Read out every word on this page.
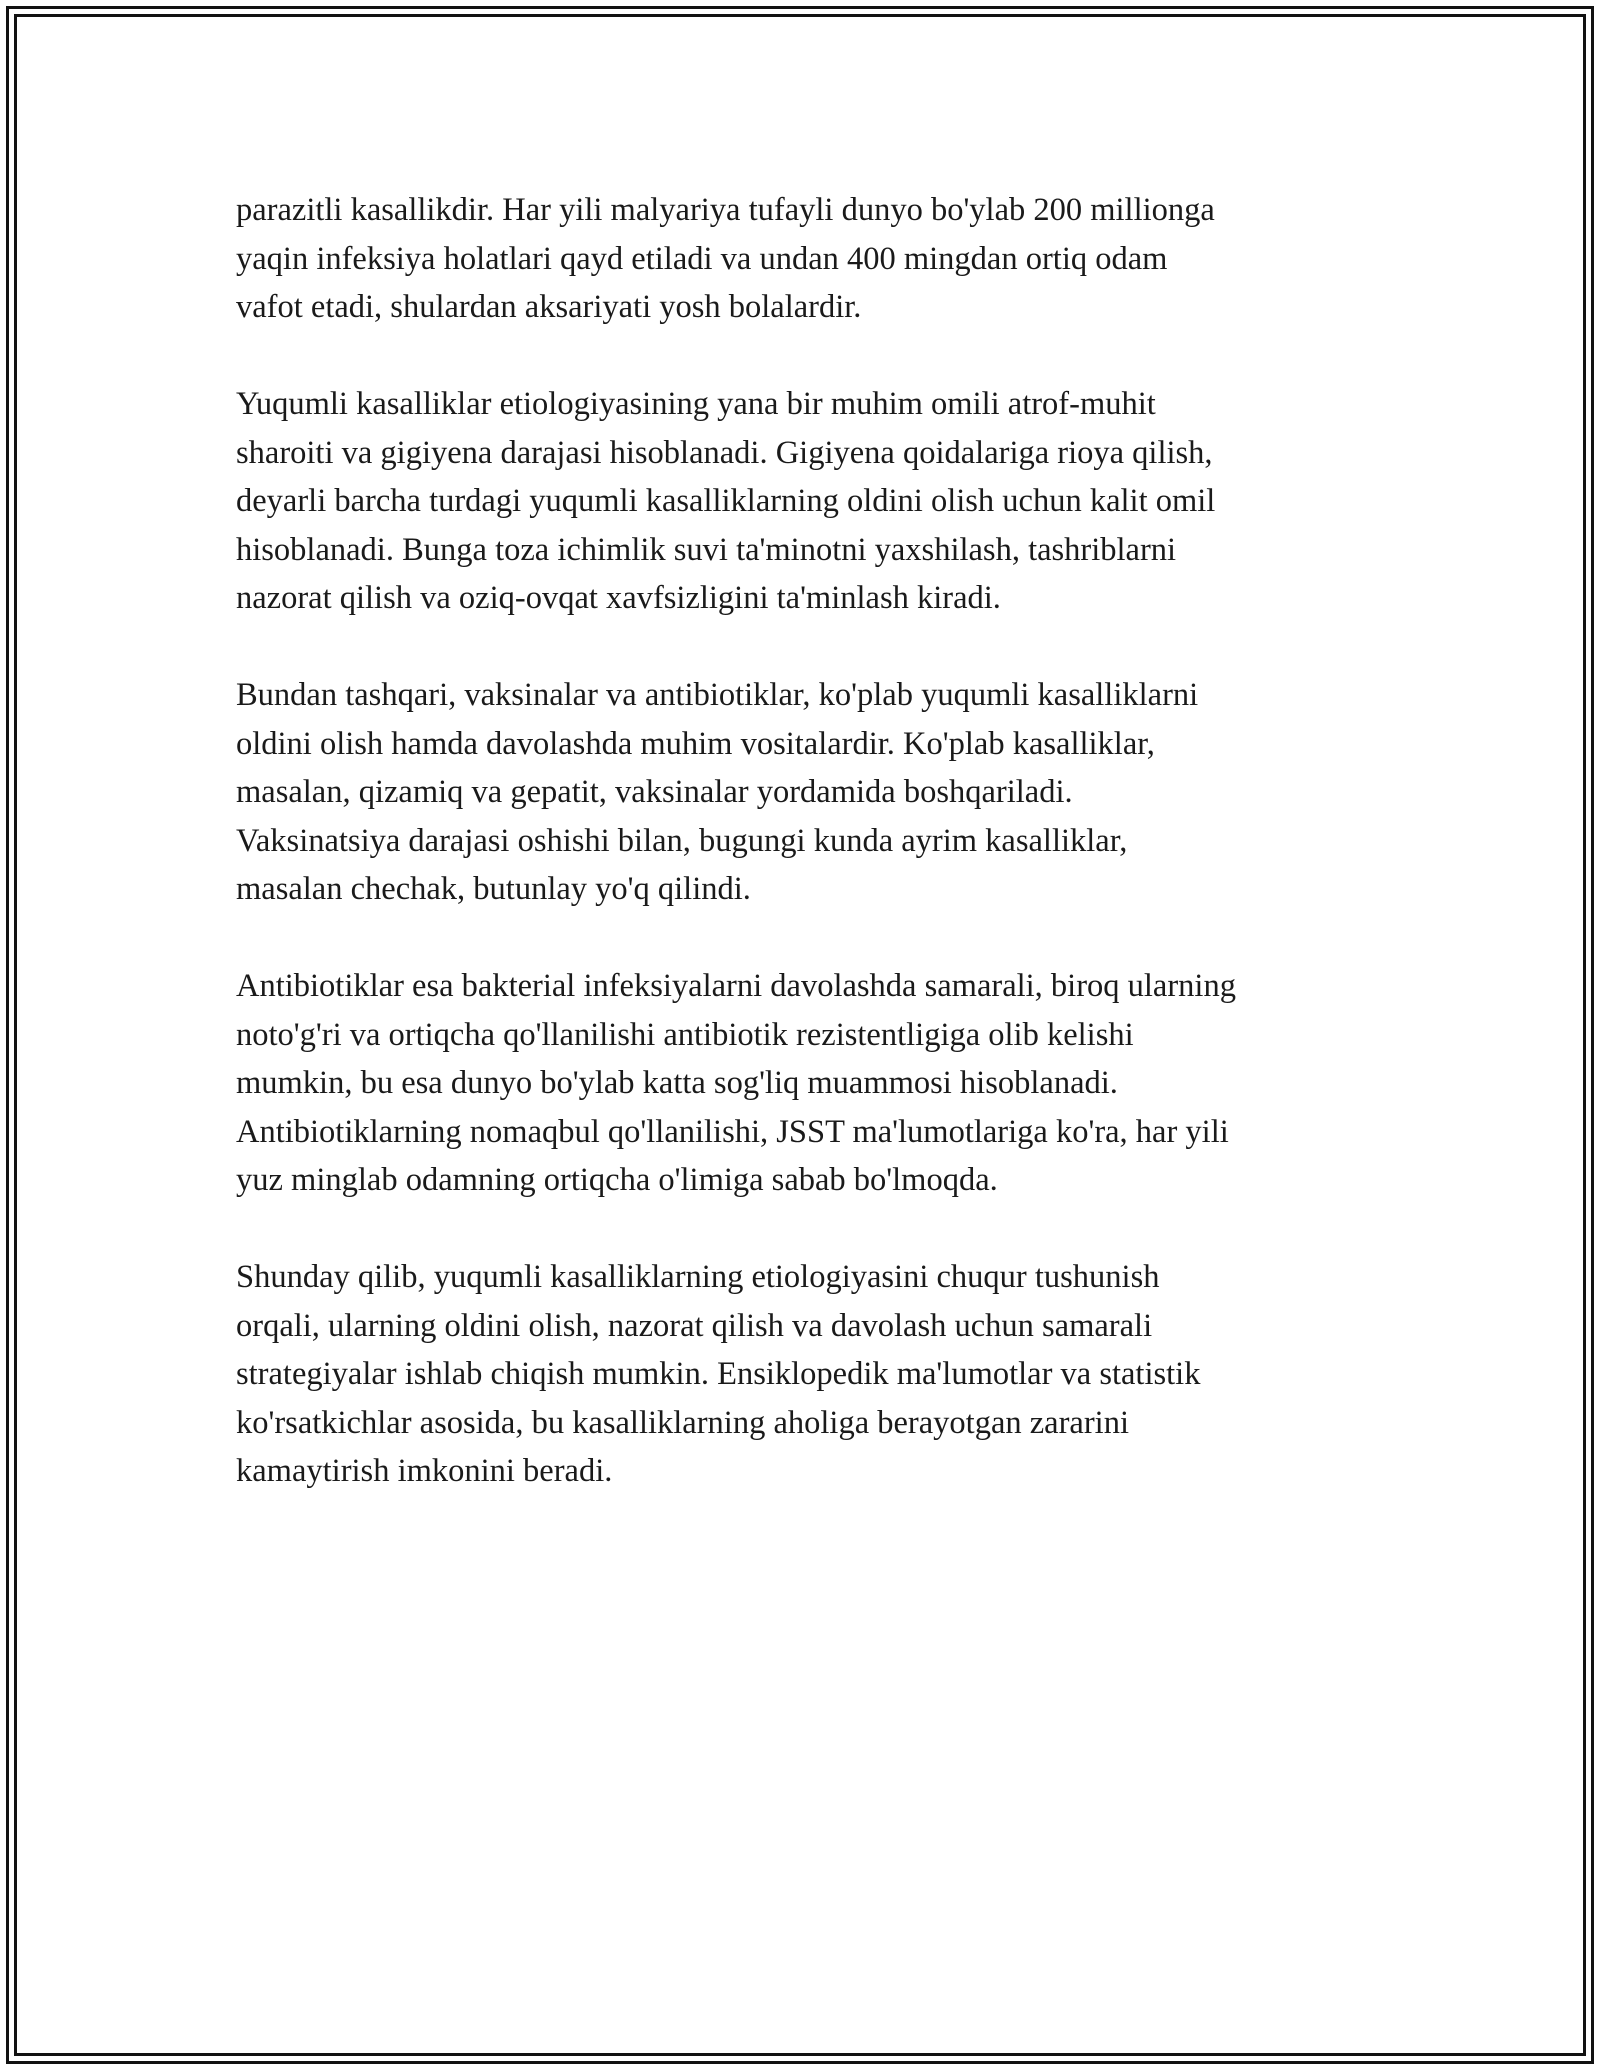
parazitli kasallikdir. Har yili malyariya tufayli dunyo bo'ylab 200 millionga
yaqin infeksiya holatlari qayd etiladi va undan 400 mingdan ortiq odam
vafot etadi, shulardan aksariyati yosh bolalardir.

Yuqumli kasalliklar etiologiyasining yana bir muhim omili atrof-muhit
sharoiti va gigiyena darajasi hisoblanadi. Gigiyena qoidalariga rioya qilish,
deyarli barcha turdagi yuqumli kasalliklarning oldini olish uchun kalit omil
hisoblanadi. Bunga toza ichimlik suvi ta'minotni yaxshilash, tashriblarni
nazorat qilish va oziq-ovqat xavfsizligini ta'minlash kiradi.

Bundan tashqari, vaksinalar va antibiotiklar, ko'plab yuqumli kasalliklarni
oldini olish hamda davolashda muhim vositalardir. Ko'plab kasalliklar,
masalan, qizamiq va gepatit, vaksinalar yordamida boshqariladi.
Vaksinatsiya darajasi oshishi bilan, bugungi kunda ayrim kasalliklar,
masalan chechak, butunlay yo'q qilindi.

Antibiotiklar esa bakterial infeksiyalarni davolashda samarali, biroq ularning
noto'g'ri va ortiqcha qo'llanilishi antibiotik rezistentligiga olib kelishi
mumkin, bu esa dunyo bo'ylab katta sog'liq muammosi hisoblanadi.
Antibiotiklarning nomaqbul qo'llanilishi, JSST ma'lumotlariga ko'ra, har yili
yuz minglab odamning ortiqcha o'limiga sabab bo'lmoqda.

Shunday qilib, yuqumli kasalliklarning etiologiyasini chuqur tushunish
orqali, ularning oldini olish, nazorat qilish va davolash uchun samarali
strategiyalar ishlab chiqish mumkin. Ensiklopedik ma'lumotlar va statistik
ko'rsatkichlar asosida, bu kasalliklarning aholiga berayotgan zararini
kamaytirish imkonini beradi.
